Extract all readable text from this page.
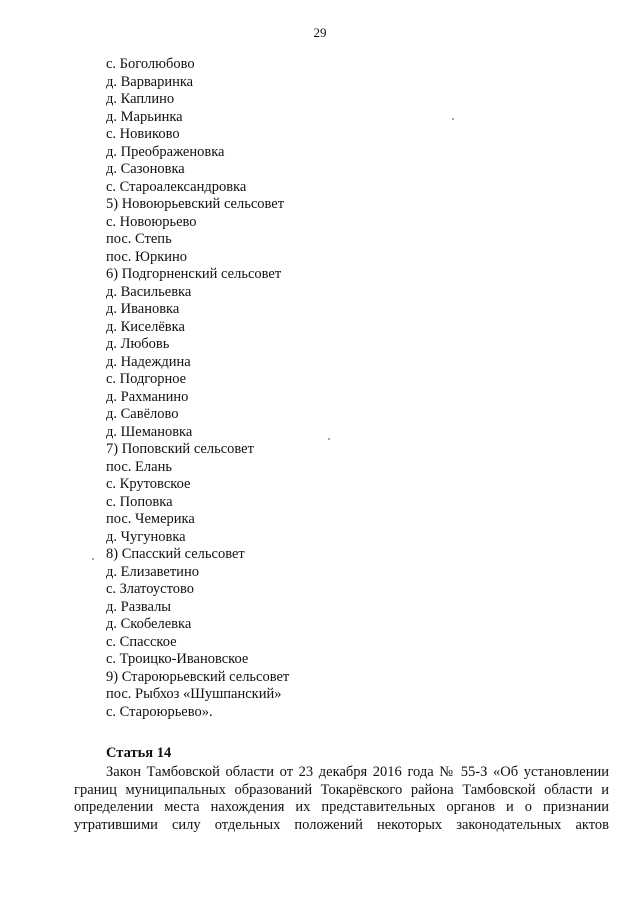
29
с. Боголюбово
д. Варваринка
д. Каплино
д. Марьинка
с. Новиково
д. Преображеновка
д. Сазоновка
с. Староалександровка
5) Новоюрьевский сельсовет
с. Новоюрьево
пос. Степь
пос. Юркино
6) Подгорненский сельсовет
д. Васильевка
д. Ивановка
д. Киселёвка
д. Любовь
д. Надеждина
с. Подгорное
д. Рахманино
д. Савёлово
д. Шемановка
7) Поповский сельсовет
пос. Елань
с. Крутовское
с. Поповка
пос. Чемерика
д. Чугуновка
8) Спасский сельсовет
д. Елизаветино
с. Златоустово
д. Развалы
д. Скобелевка
с. Спасское
с. Троицко-Ивановское
9) Староюрьевский сельсовет
пос. Рыбхоз «Шушпанский»
с. Староюрьево».
Статья 14
Закон Тамбовской области от 23 декабря 2016 года № 55-З «Об установлении
границ муниципальных образований Токарёвского района Тамбовской области и
определении места нахождения их представительных органов и о признании
утратившими силу отдельных положений некоторых законодательных актов
